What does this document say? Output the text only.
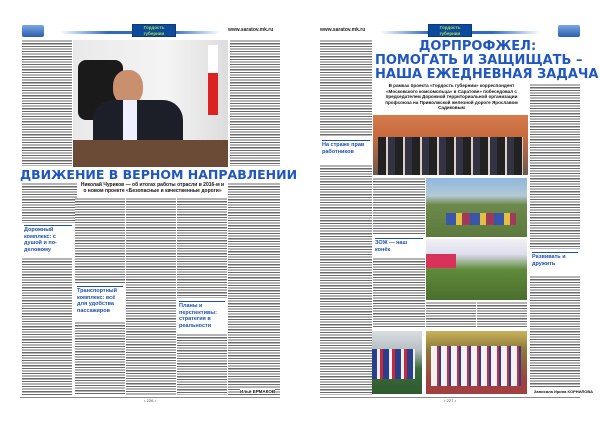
Гордость губернии
www.saratov.mk.ru
ДВИЖЕНИЕ В ВЕРНОМ НАПРАВЛЕНИИ
Николай Чуриков — об итогах работы отрасли в 2016-м и о новом проекте «Безопасные и качественные дороги»
Дорожный комплекс: с душой и по-деловому
Транспортный комплекс: всё для удобства пассажиров
Планы и перспективы: стратегия в реальности
Илья ЕРМАКОВ
• 226 •
www.saratov.mk.ru	Гордость губернии
На страже прав работников
ДОРПРОФЖЕЛ:
ПОМОГАТЬ И ЗАЩИЩАТЬ –
НАША ЕЖЕДНЕВНАЯ ЗАДАЧА
В рамках проекта «Гордость губернии» корреспондент «Московского комсомольца» в Саратове» побеседовал с председателем Дорожной территориальной организации профсоюза на Приволжской железной дороге Ярославом Садиковым
ЗОЖ — наш конёк
Развивать и дружить
Записала Ирина КОРНИЛОВА
• 227 •
